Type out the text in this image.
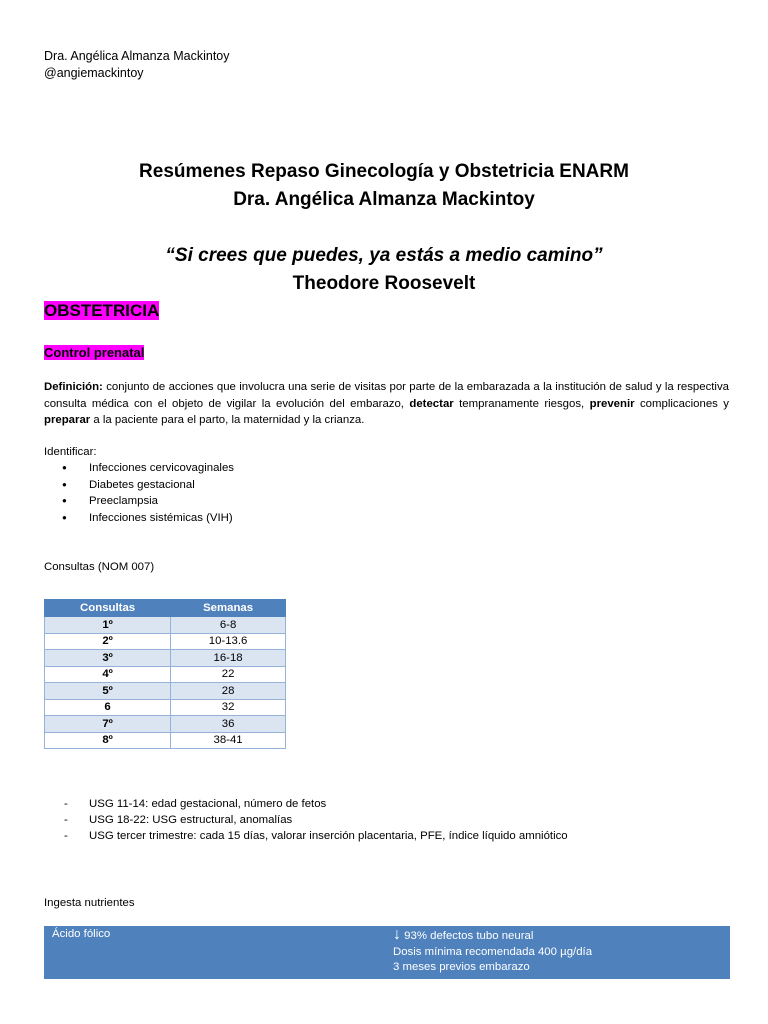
Dra. Angélica Almanza Mackintoy
@angiemackintoy
Resúmenes Repaso Ginecología y Obstetricia ENARM
Dra. Angélica Almanza Mackintoy
“Si crees que puedes, ya estás a medio camino”
Theodore Roosevelt
OBSTETRICIA
Control prenatal
Definición: conjunto de acciones que involucra una serie de visitas por parte de la embarazada a la institución de salud y la respectiva consulta médica con el objeto de vigilar la evolución del embarazo, detectar tempranamente riesgos, prevenir complicaciones y preparar a la paciente para el parto, la maternidad y la crianza.
Identificar:
● Infecciones cervicovaginales
● Diabetes gestacional
● Preeclampsia
● Infecciones sistémicas (VIH)
Consultas (NOM 007)
Consultas	Semanas
1º	6-8
2º	10-13.6
3º	16-18
4º	22
5º	28
6	32
7º	36
8º	38-41
- USG 11-14: edad gestacional, número de fetos
- USG 18-22: USG estructural, anomalías
- USG tercer trimestre: cada 15 días, valorar inserción placentaria, PFE, índice líquido amniótico
Ingesta nutrientes
Ácido fólico	↓ 93% defectos tubo neural
Dosis mínima recomendada 400 µg/día
3 meses previos embarazo
